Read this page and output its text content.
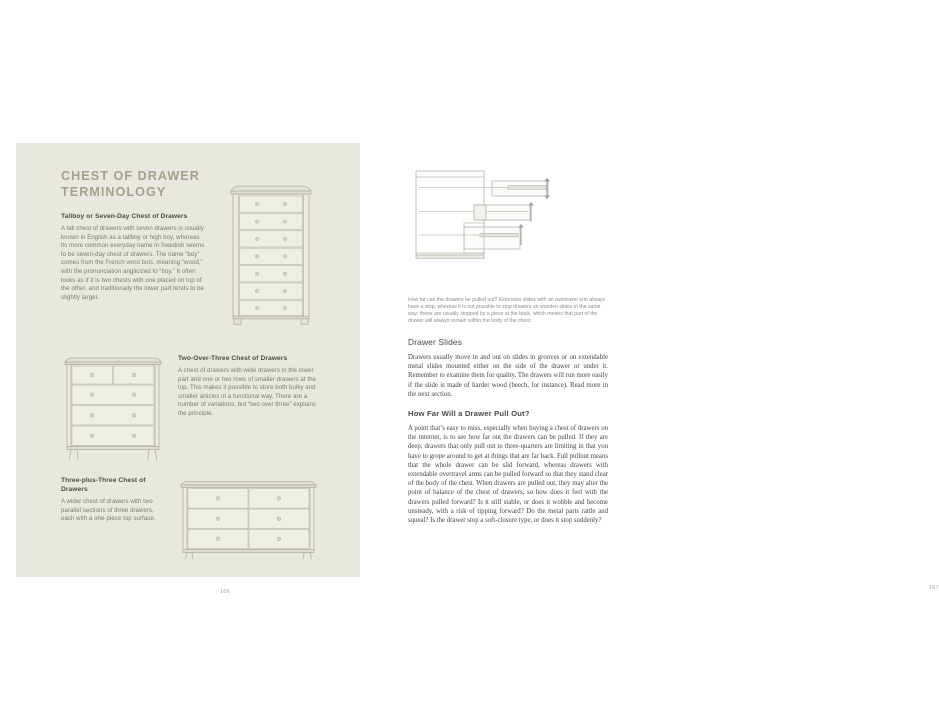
CHEST OF DRAWER TERMINOLOGY
Tallboy or Seven-Day Chest of Drawers

A tall chest of drawers with seven drawers is usually known in English as a tallboy or high boy, whereas its more common everyday name in Swedish seems to be seven-day chest of drawers. The name “boy” comes from the French word bois, meaning “wood,” with the pronunciation anglicized to “boy.” It often looks as if it is two chests with one placed on top of the other, and traditionally the lower part tends to be slightly larger.

Two-Over-Three Chest of Drawers

A chest of drawers with wide drawers in the lower part and one or two rows of smaller drawers at the top. This makes it possible to store both bulky and smaller articles in a functional way. There are a number of variations, but “two over three” explains the principle.

Three-plus-Three Chest of Drawers

A wider chest of drawers with two parallel sections of three drawers, each with a one-piece top surface.

166

How far can the drawers be pulled out? Extension slides with an overtravel arm always have a stop, whereas it is not possible to stop drawers on wooden slides in the same way; these are usually stopped by a piece at the back, which means that part of the drawer will always remain within the body of the chest.

Drawer Slides

Drawers usually move in and out on slides in grooves or on extendable metal slides mounted either on the side of the drawer or under it. Remember to examine them for quality. The drawers will run more easily if the slide is made of harder wood (beech, for instance). Read more in the next section.

How Far Will a Drawer Pull Out?

A point that’s easy to miss, especially when buying a chest of drawers on the internet, is to see how far out the drawers can be pulled. If they are deep, drawers that only pull out to three-quarters are limiting in that you have to grope around to get at things that are far back. Full pullout means that the whole drawer can be slid forward, whereas drawers with extendable overtravel arms can be pulled forward so that they stand clear of the body of the chest. When drawers are pulled out, they may alter the point of balance of the chest of drawers, so how does it feel with the drawers pulled forward? Is it still stable, or does it wobble and become unsteady, with a risk of tipping forward? Do the metal parts rattle and squeal? Is the drawer stop a soft-closure type, or does it stop suddenly?

167
